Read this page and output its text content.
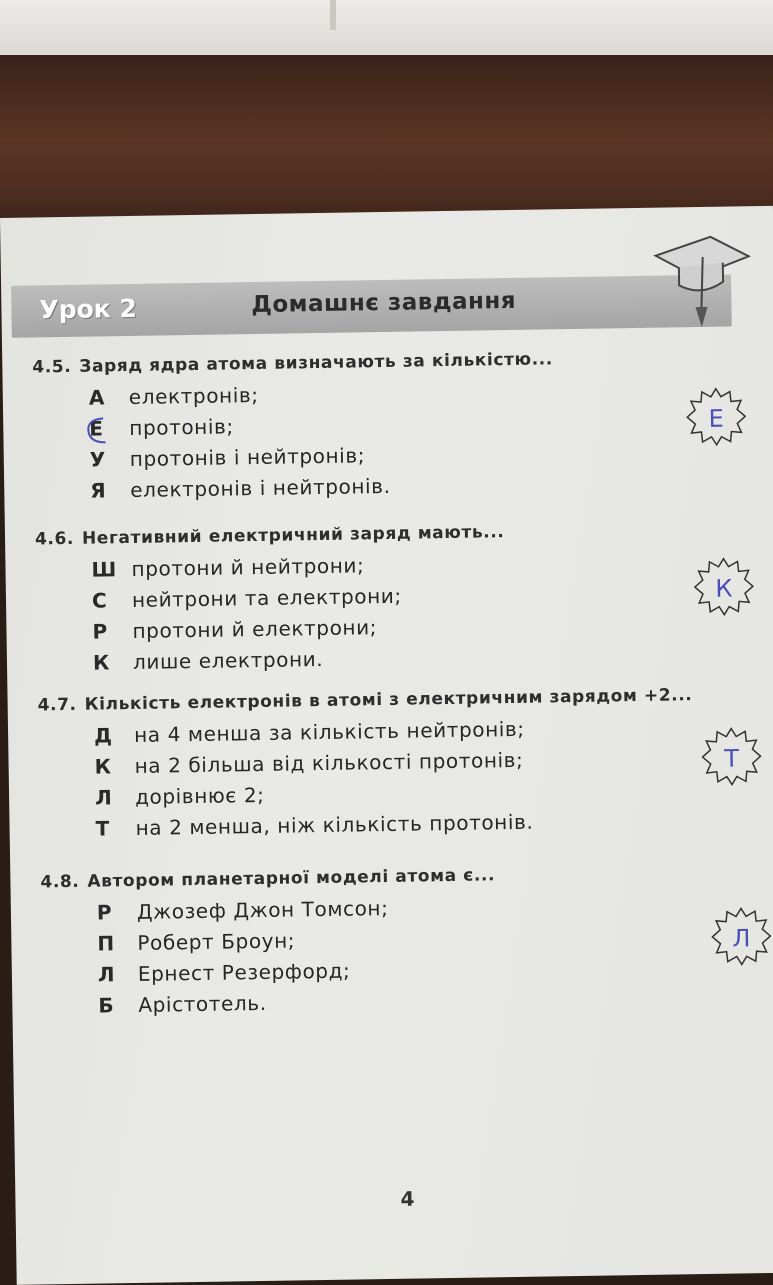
Урок 2	Домашнє завдання
4.5. Заряд ядра атома визначають за кількістю...
А електронів;
Е протонів;
У протонів і нейтронів;
Я електронів і нейтронів.
4.6. Негативний електричний заряд мають...
Ш протони й нейтрони;
С нейтрони та електрони;
Р протони й електрони;
К лише електрони.
4.7. Кількість електронів в атомі з електричним зарядом +2...
Д на 4 менша за кількість нейтронів;
К на 2 більша від кількості протонів;
Л дорівнює 2;
Т на 2 менша, ніж кількість протонів.
4.8. Автором планетарної моделі атома є...
Р Джозеф Джон Томсон;
П Роберт Броун;
Л Ернест Резерфорд;
Б Арістотель.
Е
К
Т
Л
4
